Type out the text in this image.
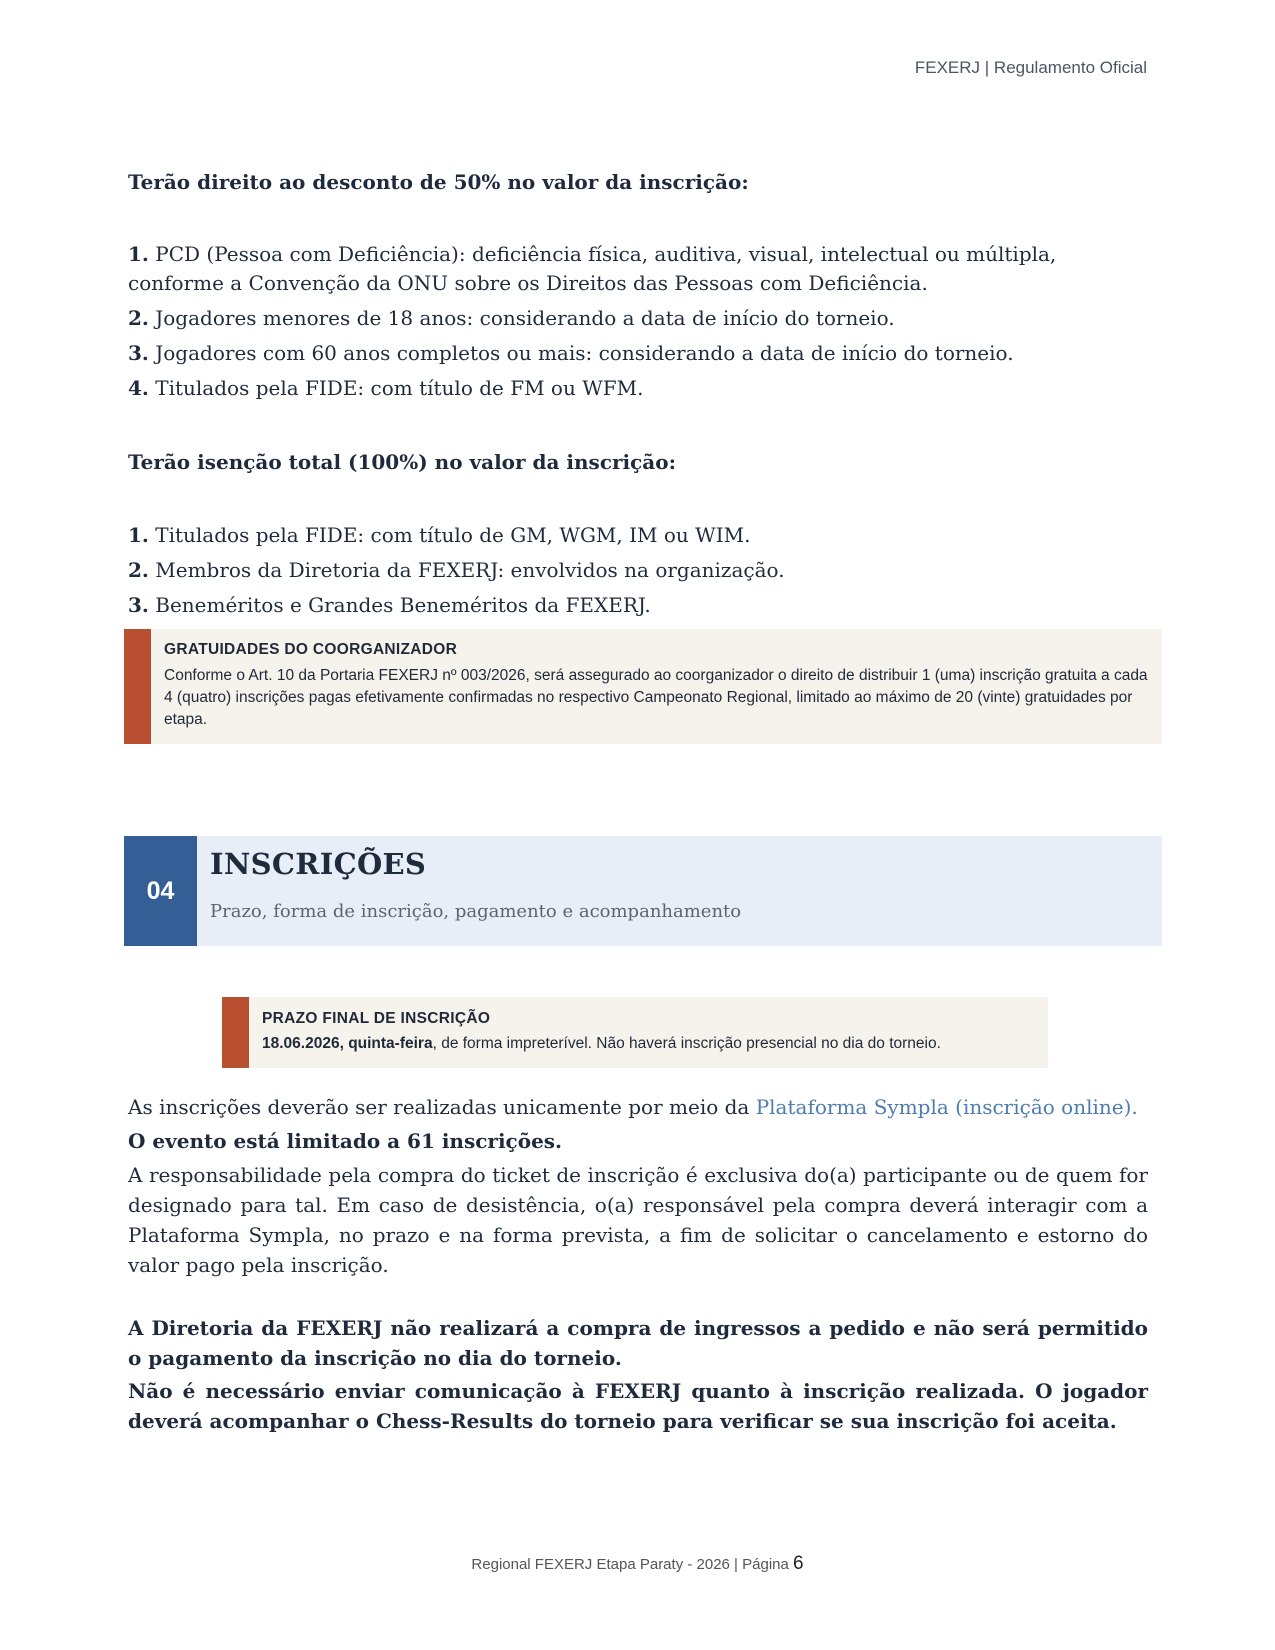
FEXERJ | Regulamento Oficial
Terão direito ao desconto de 50% no valor da inscrição:
1. PCD (Pessoa com Deficiência): deficiência física, auditiva, visual, intelectual ou múltipla, conforme a Convenção da ONU sobre os Direitos das Pessoas com Deficiência.
2. Jogadores menores de 18 anos: considerando a data de início do torneio.
3. Jogadores com 60 anos completos ou mais: considerando a data de início do torneio.
4. Titulados pela FIDE: com título de FM ou WFM.
Terão isenção total (100%) no valor da inscrição:
1. Titulados pela FIDE: com título de GM, WGM, IM ou WIM.
2. Membros da Diretoria da FEXERJ: envolvidos na organização.
3. Beneméritos e Grandes Beneméritos da FEXERJ.
GRATUIDADES DO COORGANIZADOR
Conforme o Art. 10 da Portaria FEXERJ nº 003/2026, será assegurado ao coorganizador o direito de distribuir 1 (uma) inscrição gratuita a cada 4 (quatro) inscrições pagas efetivamente confirmadas no respectivo Campeonato Regional, limitado ao máximo de 20 (vinte) gratuidades por etapa.
04
INSCRIÇÕES
Prazo, forma de inscrição, pagamento e acompanhamento
PRAZO FINAL DE INSCRIÇÃO
18.06.2026, quinta-feira, de forma impreterível. Não haverá inscrição presencial no dia do torneio.
As inscrições deverão ser realizadas unicamente por meio da Plataforma Sympla (inscrição online).
O evento está limitado a 61 inscrições.
A responsabilidade pela compra do ticket de inscrição é exclusiva do(a) participante ou de quem for designado para tal. Em caso de desistência, o(a) responsável pela compra deverá interagir com a Plataforma Sympla, no prazo e na forma prevista, a fim de solicitar o cancelamento e estorno do valor pago pela inscrição.
A Diretoria da FEXERJ não realizará a compra de ingressos a pedido e não será permitido o pagamento da inscrição no dia do torneio.
Não é necessário enviar comunicação à FEXERJ quanto à inscrição realizada. O jogador deverá acompanhar o Chess-Results do torneio para verificar se sua inscrição foi aceita.
Regional FEXERJ Etapa Paraty - 2026 | Página 6
